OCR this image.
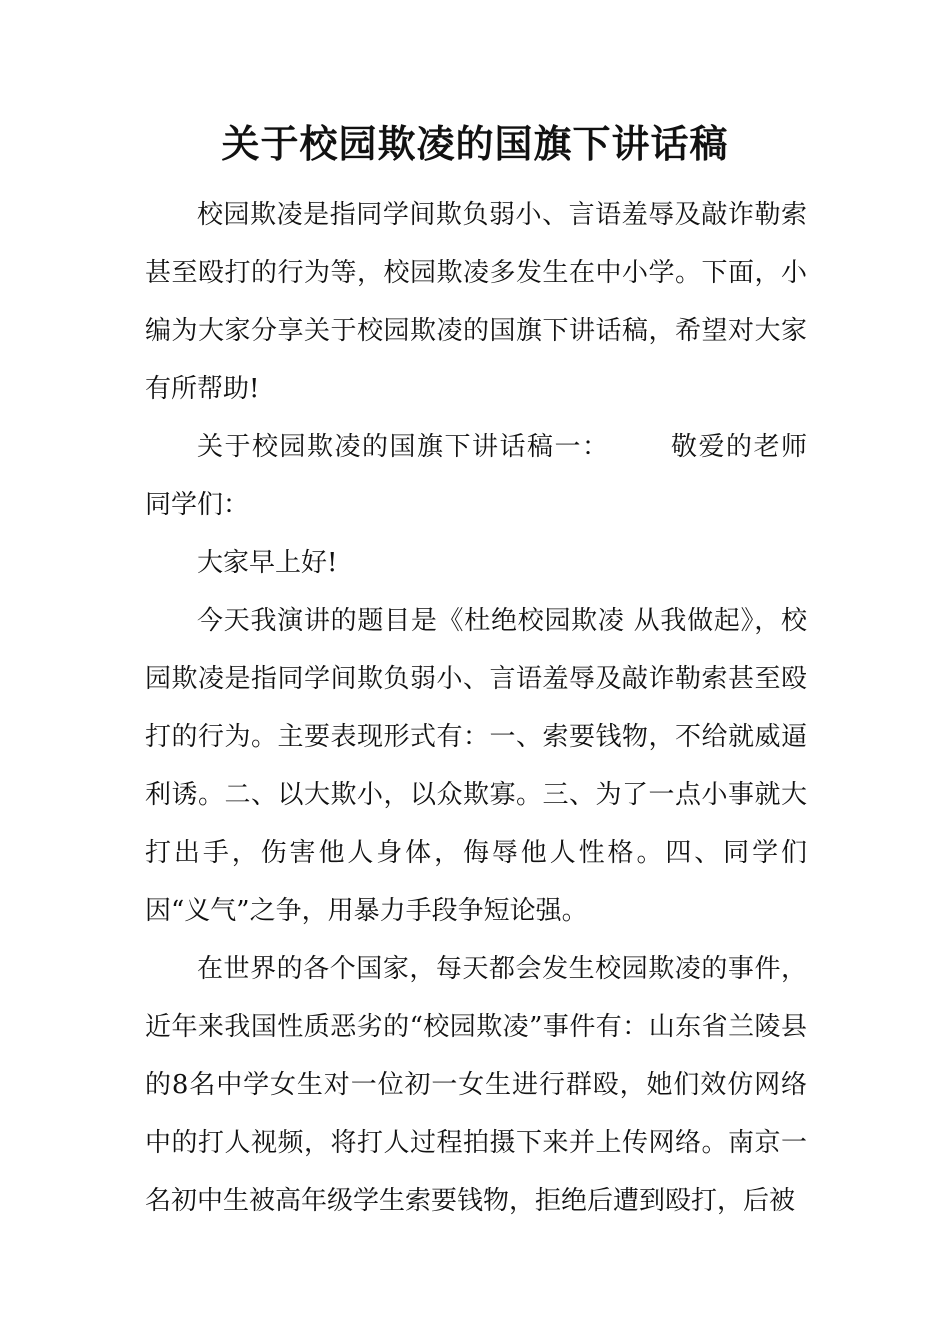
关于校园欺凌的国旗下讲话稿

校园欺凌是指同学间欺负弱小、言语羞辱及敲诈勒索甚至殴打的行为等，校园欺凌多发生在中小学。下面，小编为大家分享关于校园欺凌的国旗下讲话稿，希望对大家有所帮助!

关于校园欺凌的国旗下讲话稿一： 敬爱的老师 同学们：

大家早上好!

今天我演讲的题目是《杜绝校园欺凌 从我做起》，校园欺凌是指同学间欺负弱小、言语羞辱及敲诈勒索甚至殴打的行为。主要表现形式有：一、索要钱物，不给就威逼利诱。二、以大欺小，以众欺寡。三、为了一点小事就大打出手，伤害他人身体，侮辱他人性格。四、同学们因“义气”之争，用暴力手段争短论强。

在世界的各个国家，每天都会发生校园欺凌的事件，近年来我国性质恶劣的“校园欺凌”事件有：山东省兰陵县的8名中学女生对一位初一女生进行群殴，她们效仿网络中的打人视频，将打人过程拍摄下来并上传网络。南京一名初中生被高年级学生索要钱物，拒绝后遭到殴打，后被
